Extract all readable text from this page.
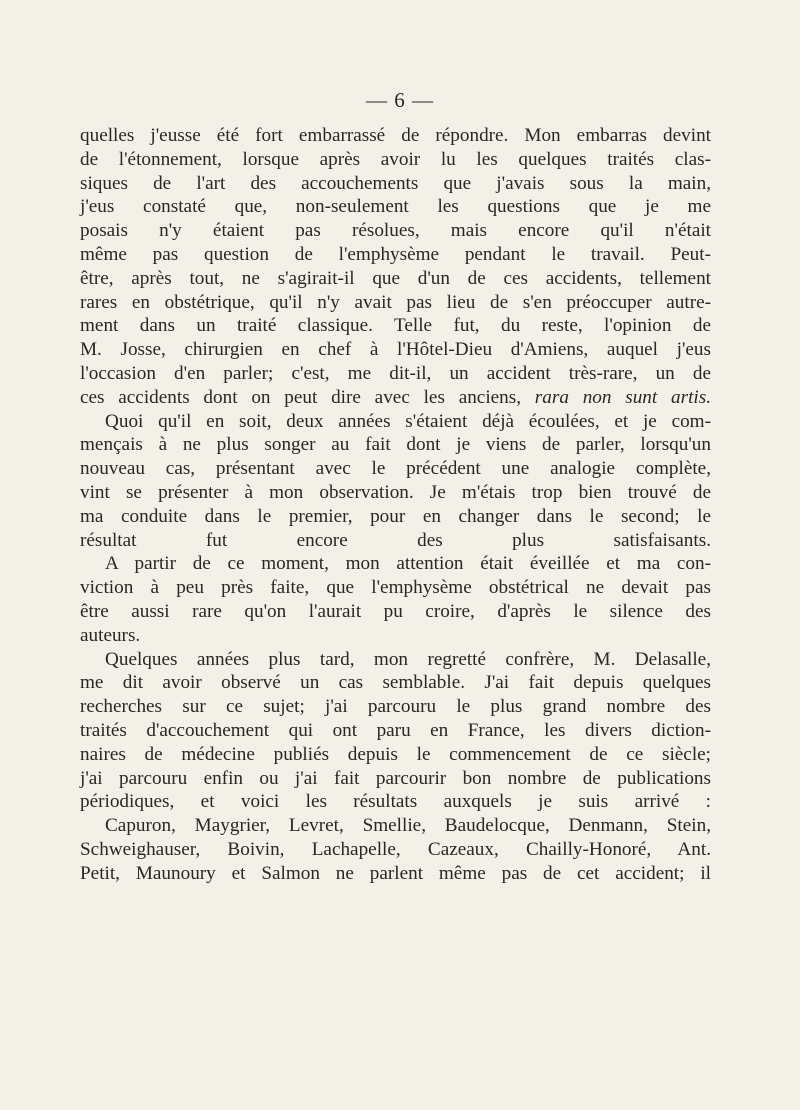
— 6 —

quelles j'eusse été fort embarrassé de répondre. Mon embarras devint
de l'étonnement, lorsque après avoir lu les quelques traités clas-
siques de l'art des accouchements que j'avais sous la main,
j'eus constaté que, non-seulement les questions que je me
posais n'y étaient pas résolues, mais encore qu'il n'était
même pas question de l'emphysème pendant le travail. Peut-
être, après tout, ne s'agirait-il que d'un de ces accidents, tellement
rares en obstétrique, qu'il n'y avait pas lieu de s'en préoccuper autre-
ment dans un traité classique. Telle fut, du reste, l'opinion de
M. Josse, chirurgien en chef à l'Hôtel-Dieu d'Amiens, auquel j'eus
l'occasion d'en parler; c'est, me dit-il, un accident très-rare, un de
ces accidents dont on peut dire avec les anciens, rara non sunt artis.

Quoi qu'il en soit, deux années s'étaient déjà écoulées, et je com-
mençais à ne plus songer au fait dont je viens de parler, lorsqu'un
nouveau cas, présentant avec le précédent une analogie complète,
vint se présenter à mon observation. Je m'étais trop bien trouvé de
ma conduite dans le premier, pour en changer dans le second; le
résultat fut encore des plus satisfaisants.

A partir de ce moment, mon attention était éveillée et ma con-
viction à peu près faite, que l'emphysème obstétrical ne devait pas
être aussi rare qu'on l'aurait pu croire, d'après le silence des
auteurs.

Quelques années plus tard, mon regretté confrère, M. Delasalle,
me dit avoir observé un cas semblable. J'ai fait depuis quelques
recherches sur ce sujet; j'ai parcouru le plus grand nombre des
traités d'accouchement qui ont paru en France, les divers diction-
naires de médecine publiés depuis le commencement de ce siècle;
j'ai parcouru enfin ou j'ai fait parcourir bon nombre de publications
périodiques, et voici les résultats auxquels je suis arrivé :

Capuron, Maygrier, Levret, Smellie, Baudelocque, Denmann, Stein,
Schweighauser, Boivin, Lachapelle, Cazeaux, Chailly-Honoré, Ant.
Petit, Maunoury et Salmon ne parlent même pas de cet accident; il
